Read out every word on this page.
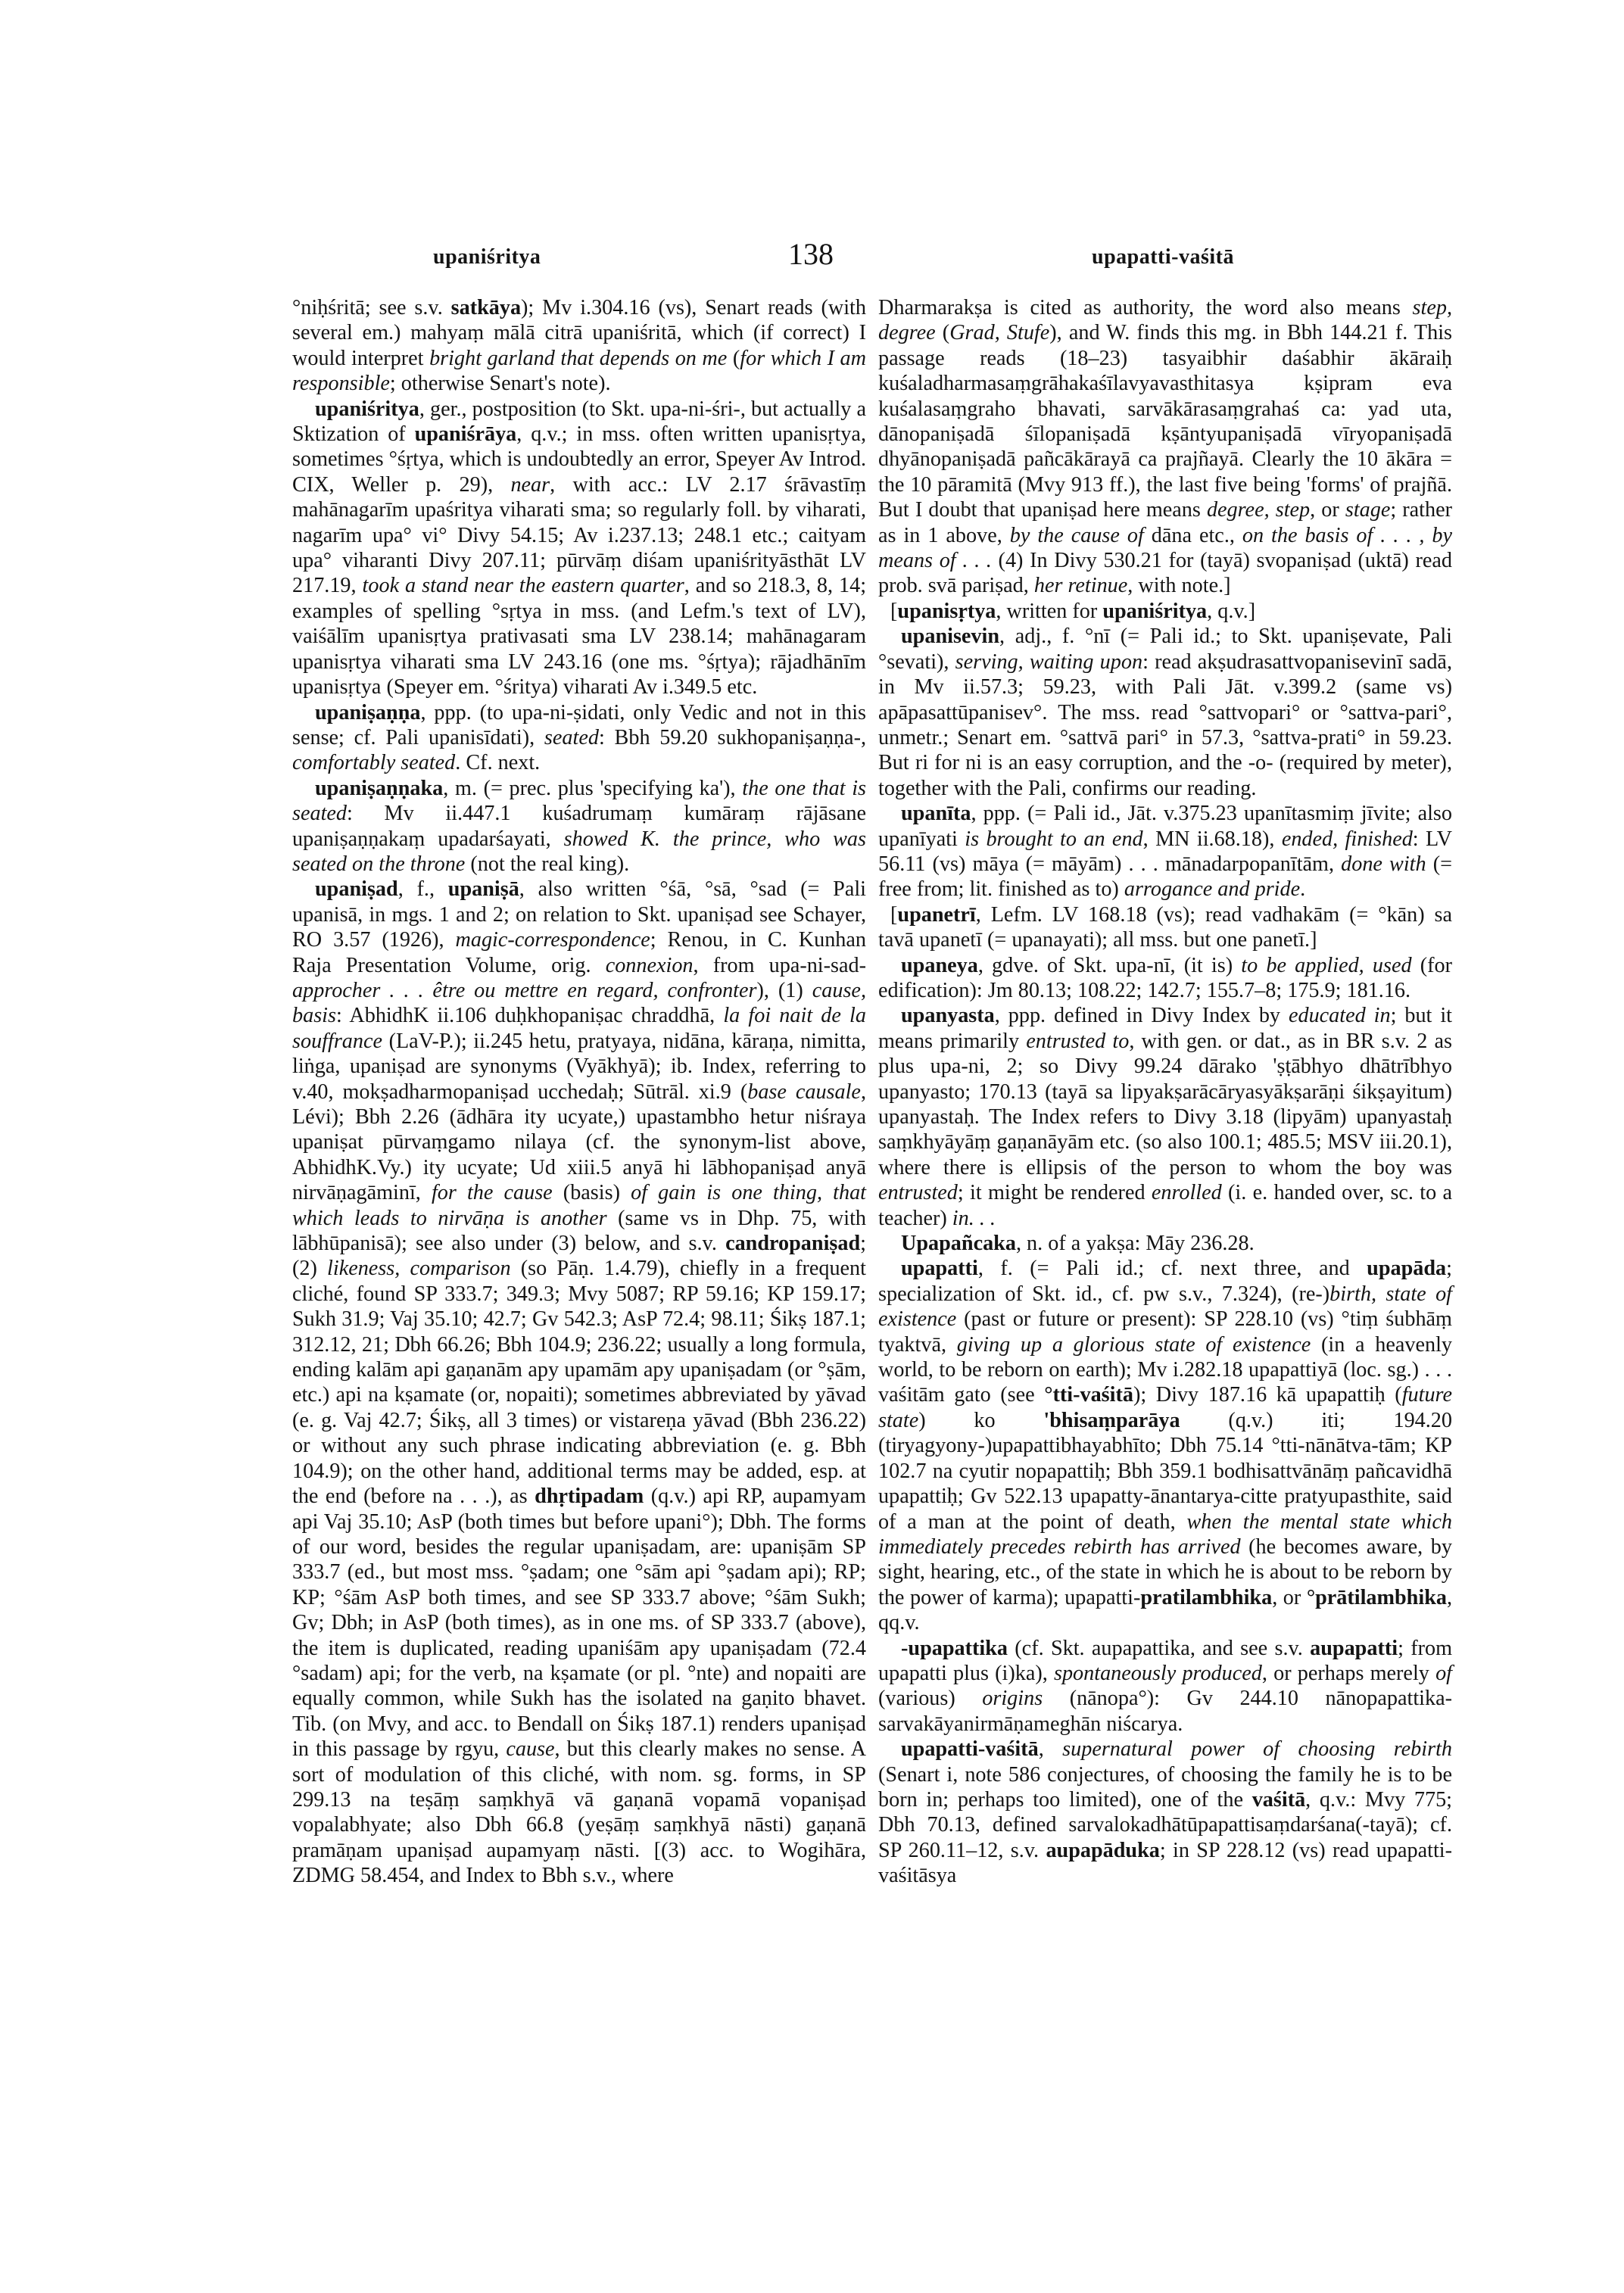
upaniśritya	138	upapatti-vaśitā

°niḥśritā; see s.v. satkāya); Mv i.304.16 (vs), Senart reads (with several em.) mahyaṃ mālā citrā upaniśritā, which (if correct) I would interpret bright garland that depends on me (for which I am responsible; otherwise Senart's note).

upaniśritya, ger., postposition (to Skt. upa-ni-śri-, but actually a Sktization of upaniśrāya, q.v.; in mss. often written upanisṛtya, sometimes °śṛtya, which is undoubtedly an error, Speyer Av Introd. CIX, Weller p. 29), near, with acc.: LV 2.17 śrāvastīṃ mahānagarīm upaśritya viharati sma; so regularly foll. by viharati, nagarīm upa° vi° Divy 54.15; Av i.237.13; 248.1 etc.; caityam upa° viharanti Divy 207.11; pūrvāṃ diśam upaniśrityāsthāt LV 217.19, took a stand near the eastern quarter, and so 218.3, 8, 14; examples of spelling °sṛtya in mss. (and Lefm.'s text of LV), vaiśālīm upanisṛtya prativasati sma LV 238.14; mahānagaram upanisṛtya viharati sma LV 243.16 (one ms. °śṛtya); rājadhānīm upanisṛtya (Speyer em. °śritya) viharati Av i.349.5 etc.

upaniṣaṇṇa, ppp. (to upa-ni-ṣidati, only Vedic and not in this sense; cf. Pali upanisīdati), seated: Bbh 59.20 sukhopaniṣaṇṇa-, comfortably seated. Cf. next.

upaniṣaṇṇaka, m. (= prec. plus 'specifying ka'), the one that is seated: Mv ii.447.1 kuśadrumaṃ kumāraṃ rājāsane upaniṣaṇṇakaṃ upadarśayati, showed K. the prince, who was seated on the throne (not the real king).

upaniṣad, f., upaniṣā, also written °śā, °sā, °sad (= Pali upanisā, in mgs. 1 and 2; on relation to Skt. upaniṣad see Schayer, RO 3.57 (1926), magic-correspondence; Renou, in C. Kunhan Raja Presentation Volume, orig. connexion, from upa-ni-sad- approcher . . . être ou mettre en regard, confronter), (1) cause, basis: AbhidhK ii.106 duḥkhopaniṣac chraddhā, la foi nait de la souffrance (LaV-P.); ii.245 hetu, pratyaya, nidāna, kāraṇa, nimitta, liṅga, upaniṣad are synonyms (Vyākhyā); ib. Index, referring to v.40, mokṣadharmopaniṣad ucchedaḥ; Sūtrāl. xi.9 (base causale, Lévi); Bbh 2.26 (ādhāra ity ucyate,) upastambho hetur niśraya upaniṣat pūrvaṃgamo nilaya (cf. the synonym-list above, AbhidhK.Vy.) ity ucyate; Ud xiii.5 anyā hi lābhopaniṣad anyā nirvāṇagāminī, for the cause (basis) of gain is one thing, that which leads to nirvāṇa is another (same vs in Dhp. 75, with lābhūpanisā); see also under (3) below, and s.v. candropaniṣad; (2) likeness, comparison (so Pāṇ. 1.4.79), chiefly in a frequent cliché, found SP 333.7; 349.3; Mvy 5087; RP 59.16; KP 159.17; Sukh 31.9; Vaj 35.10; 42.7; Gv 542.3; AsP 72.4; 98.11; Śikṣ 187.1; 312.12, 21; Dbh 66.26; Bbh 104.9; 236.22; usually a long formula, ending kalām api gaṇanām apy upamām apy upaniṣadam (or °ṣām, etc.) api na kṣamate (or, nopaiti); sometimes abbreviated by yāvad (e. g. Vaj 42.7; Śikṣ, all 3 times) or vistareṇa yāvad (Bbh 236.22) or without any such phrase indicating abbreviation (e. g. Bbh 104.9); on the other hand, additional terms may be added, esp. at the end (before na . . .), as dhṛtipadam (q.v.) api RP, aupamyam api Vaj 35.10; AsP (both times but before upani°); Dbh. The forms of our word, besides the regular upaniṣadam, are: upaniṣām SP 333.7 (ed., but most mss. °ṣadam; one °sām api °ṣadam api); RP; KP; °śām AsP both times, and see SP 333.7 above; °śām Sukh; Gv; Dbh; in AsP (both times), as in one ms. of SP 333.7 (above), the item is duplicated, reading upaniśām apy upaniṣadam (72.4 °sadam) api; for the verb, na kṣamate (or pl. °nte) and nopaiti are equally common, while Sukh has the isolated na gaṇito bhavet. Tib. (on Mvy, and acc. to Bendall on Śikṣ 187.1) renders upaniṣad in this passage by rgyu, cause, but this clearly makes no sense. A sort of modulation of this cliché, with nom. sg. forms, in SP 299.13 na teṣāṃ saṃkhyā vā gaṇanā vopamā vopaniṣad vopalabhyate; also Dbh 66.8 (yeṣāṃ saṃkhyā nāsti) gaṇanā pramāṇam upaniṣad aupamyaṃ nāsti. [(3) acc. to Wogihāra, ZDMG 58.454, and Index to Bbh s.v., where

Dharmarakṣa is cited as authority, the word also means step, degree (Grad, Stufe), and W. finds this mg. in Bbh 144.21 f. This passage reads (18–23) tasyaibhir daśabhir ākāraiḥ kuśaladharmasaṃgrāhakaśīlavyavasthitasya kṣipram eva kuśalasaṃgraho bhavati, sarvākārasaṃgrahaś ca: yad uta, dānopaniṣadā śīlopaniṣadā kṣāntyupaniṣadā vīryopaniṣadā dhyānopaniṣadā pañcākārayā ca prajñayā. Clearly the 10 ākāra = the 10 pāramitā (Mvy 913 ff.), the last five being 'forms' of prajñā. But I doubt that upaniṣad here means degree, step, or stage; rather as in 1 above, by the cause of dāna etc., on the basis of . . . , by means of . . . (4) In Divy 530.21 for (tayā) svopaniṣad (uktā) read prob. svā pariṣad, her retinue, with note.]

[upanisṛtya, written for upaniśritya, q.v.]

upanisevin, adj., f. °nī (= Pali id.; to Skt. upaniṣevate, Pali °sevati), serving, waiting upon: read akṣudrasattvopanisevinī sadā, in Mv ii.57.3; 59.23, with Pali Jāt. v.399.2 (same vs) apāpasattūpanisev°. The mss. read °sattvopari° or °sattva-pari°, unmetr.; Senart em. °sattvā pari° in 57.3, °sattva-prati° in 59.23. But ri for ni is an easy corruption, and the -o- (required by meter), together with the Pali, confirms our reading.

upanīta, ppp. (= Pali id., Jāt. v.375.23 upanītasmiṃ jīvite; also upanīyati is brought to an end, MN ii.68.18), ended, finished: LV 56.11 (vs) māya (= māyām) . . . mānadarpopanītām, done with (= free from; lit. finished as to) arrogance and pride.

[upanetrī, Lefm. LV 168.18 (vs); read vadhakām (= °kān) sa tavā upanetī (= upanayati); all mss. but one panetī.]

upaneya, gdve. of Skt. upa-nī, (it is) to be applied, used (for edification): Jm 80.13; 108.22; 142.7; 155.7–8; 175.9; 181.16.

upanyasta, ppp. defined in Divy Index by educated in; but it means primarily entrusted to, with gen. or dat., as in BR s.v. 2 as plus upa-ni, 2; so Divy 99.24 dārako 'ṣṭābhyo dhātrībhyo upanyasto; 170.13 (tayā sa lipyakṣarācāryasyākṣarāṇi śikṣayitum) upanyastaḥ. The Index refers to Divy 3.18 (lipyām) upanyastaḥ saṃkhyāyāṃ gaṇanāyām etc. (so also 100.1; 485.5; MSV iii.20.1), where there is ellipsis of the person to whom the boy was entrusted; it might be rendered enrolled (i. e. handed over, sc. to a teacher) in. . .

Upapañcaka, n. of a yakṣa: Māy 236.28.

upapatti, f. (= Pali id.; cf. next three, and upapāda; specialization of Skt. id., cf. pw s.v., 7.324), (re-)birth, state of existence (past or future or present): SP 228.10 (vs) °tiṃ śubhāṃ tyaktvā, giving up a glorious state of existence (in a heavenly world, to be reborn on earth); Mv i.282.18 upapattiyā (loc. sg.) . . . vaśitām gato (see °tti-vaśitā); Divy 187.16 kā upapattiḥ (future state) ko 'bhisaṃparāya (q.v.) iti; 194.20 (tiryagyony-)upapattibhayabhīto; Dbh 75.14 °tti-nānātva-tām; KP 102.7 na cyutir nopapattiḥ; Bbh 359.1 bodhisattvānāṃ pañcavidhā upapattiḥ; Gv 522.13 upapatty-ānantarya-citte pratyupasthite, said of a man at the point of death, when the mental state which immediately precedes rebirth has arrived (he becomes aware, by sight, hearing, etc., of the state in which he is about to be reborn by the power of karma); upapatti-pratilambhika, or °prātilambhika, qq.v.

-upapattika (cf. Skt. aupapattika, and see s.v. aupapatti; from upapatti plus (i)ka), spontaneously produced, or perhaps merely of (various) origins (nānopa°): Gv 244.10 nānopapattika-sarvakāyanirmāṇameghān niścarya.

upapatti-vaśitā, supernatural power of choosing rebirth (Senart i, note 586 conjectures, of choosing the family he is to be born in; perhaps too limited), one of the vaśitā, q.v.: Mvy 775; Dbh 70.13, defined sarvalokadhātūpapattisaṃdarśana(-tayā); cf. SP 260.11–12, s.v. aupapāduka; in SP 228.12 (vs) read upapatti-vaśitāsya
